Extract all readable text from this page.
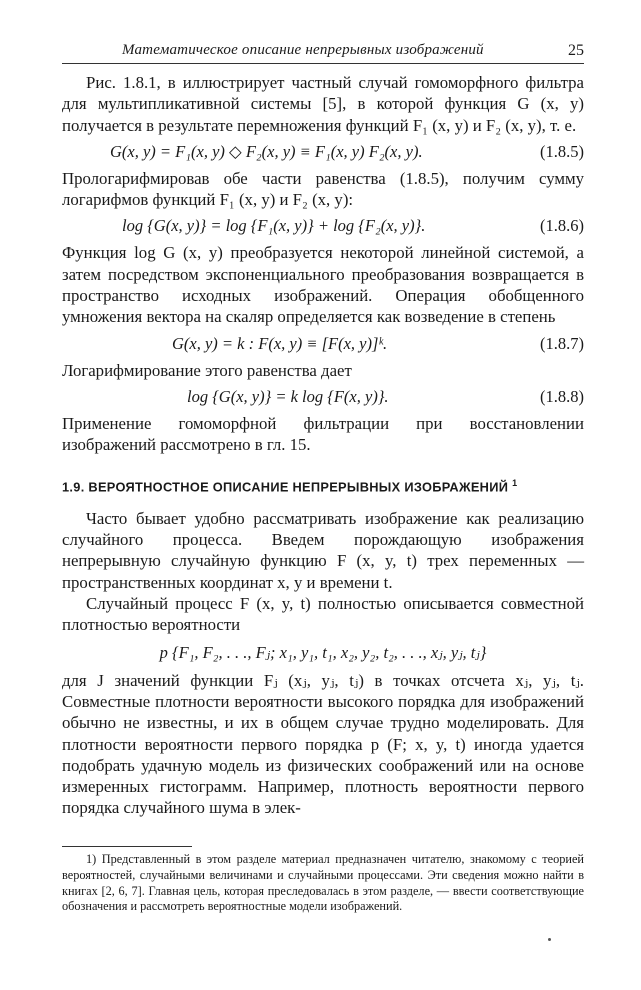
Математическое описание непрерывных изображений	25

Рис. 1.8.1, в иллюстрирует частный случай гомоморфного фильтра для мультипликативной системы [5], в которой функция G (x, y) получается в результате перемножения функций F₁ (x, y) и F₂ (x, y), т. е.

G(x, y) = F₁(x, y) ◇ F₂(x, y) ≡ F₁(x, y) F₂(x, y).	(1.8.5)

Прологарифмировав обе части равенства (1.8.5), получим сумму логарифмов функций F₁ (x, y) и F₂ (x, y):

log {G(x, y)} = log {F₁(x, y)} + log {F₂(x, y)}.	(1.8.6)

Функция log G (x, y) преобразуется некоторой линейной системой, а затем посредством экспоненциального преобразования возвращается в пространство исходных изображений. Операция обобщенного умножения вектора на скаляр определяется как возведение в степень

G(x, y) = k : F(x, y) ≡ [F(x, y)]ᵏ.	(1.8.7)

Логарифмирование этого равенства дает

log {G(x, y)} = k log {F(x, y)}.	(1.8.8)

Применение гомоморфной фильтрации при восстановлении изображений рассмотрено в гл. 15.

1.9. ВЕРОЯТНОСТНОЕ ОПИСАНИЕ НЕПРЕРЫВНЫХ ИЗОБРАЖЕНИЙ $^1$

Часто бывает удобно рассматривать изображение как реализацию случайного процесса. Введем порождающую изображения непрерывную случайную функцию F (x, y, t) трех переменных — пространственных координат x, y и времени t.

Случайный процесс F (x, y, t) полностью описывается совместной плотностью вероятности

p {F₁, F₂, . . ., Fⱼ; x₁, y₁, t₁, x₂, y₂, t₂, . . ., xⱼ, yⱼ, tⱼ}

для J значений функции Fⱼ (xⱼ, yⱼ, tⱼ) в точках отсчета xⱼ, yⱼ, tⱼ. Совместные плотности вероятности высокого порядка для изображений обычно не известны, и их в общем случае трудно моделировать. Для плотности вероятности первого порядка p (F; x, y, t) иногда удается подобрать удачную модель из физических соображений или на основе измеренных гистограмм. Например, плотность вероятности первого порядка случайного шума в элек-

1) Представленный в этом разделе материал предназначен читателю, знакомому с теорией вероятностей, случайными величинами и случайными процессами. Эти сведения можно найти в книгах [2, 6, 7]. Главная цель, которая преследовалась в этом разделе, — ввести соответствующие обозначения и рассмотреть вероятностные модели изображений.
